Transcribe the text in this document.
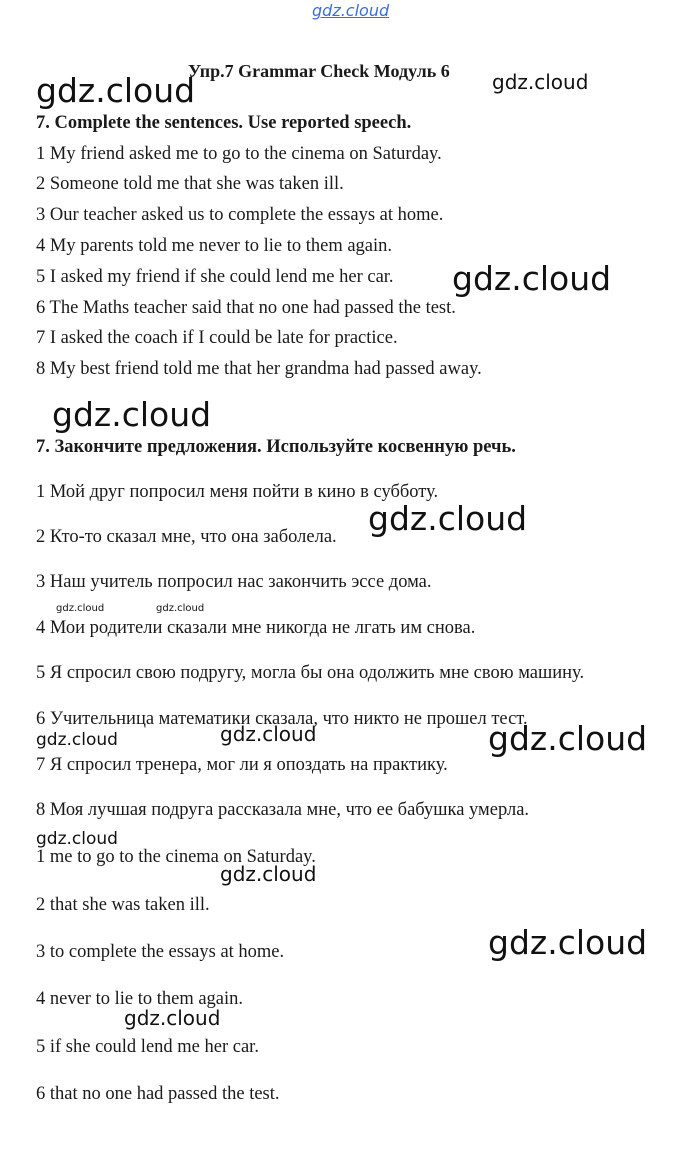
gdz.cloud
Упр.7 Grammar Check Модуль 6
7. Complete the sentences. Use reported speech.
1 My friend asked me to go to the cinema on Saturday.
2 Someone told me that she was taken ill.
3 Our teacher asked us to complete the essays at home.
4 My parents told me never to lie to them again.
5 I asked my friend if she could lend me her car.
6 The Maths teacher said that no one had passed the test.
7 I asked the coach if I could be late for practice.
8 My best friend told me that her grandma had passed away.
7. Закончите предложения. Используйте косвенную речь.
1 Мой друг попросил меня пойти в кино в субботу.
2 Кто-то сказал мне, что она заболела.
3 Наш учитель попросил нас закончить эссе дома.
4 Мои родители сказали мне никогда не лгать им снова.
5 Я спросил свою подругу, могла бы она одолжить мне свою машину.
6 Учительница математики сказала, что никто не прошел тест.
7 Я спросил тренера, мог ли я опоздать на практику.
8 Моя лучшая подруга рассказала мне, что ее бабушка умерла.
1 me to go to the cinema on Saturday.
2 that she was taken ill.
3 to complete the essays at home.
4 never to lie to them again.
5 if she could lend me her car.
6 that no one had passed the test.
gdz.cloud	gdz.cloud
gdz.cloud
gdz.cloud
gdz.cloud
gdz.cloud	gdz.cloud
gdz.cloud	gdz.cloud	gdz.cloud
gdz.cloud
gdz.cloud
gdz.cloud
gdz.cloud
